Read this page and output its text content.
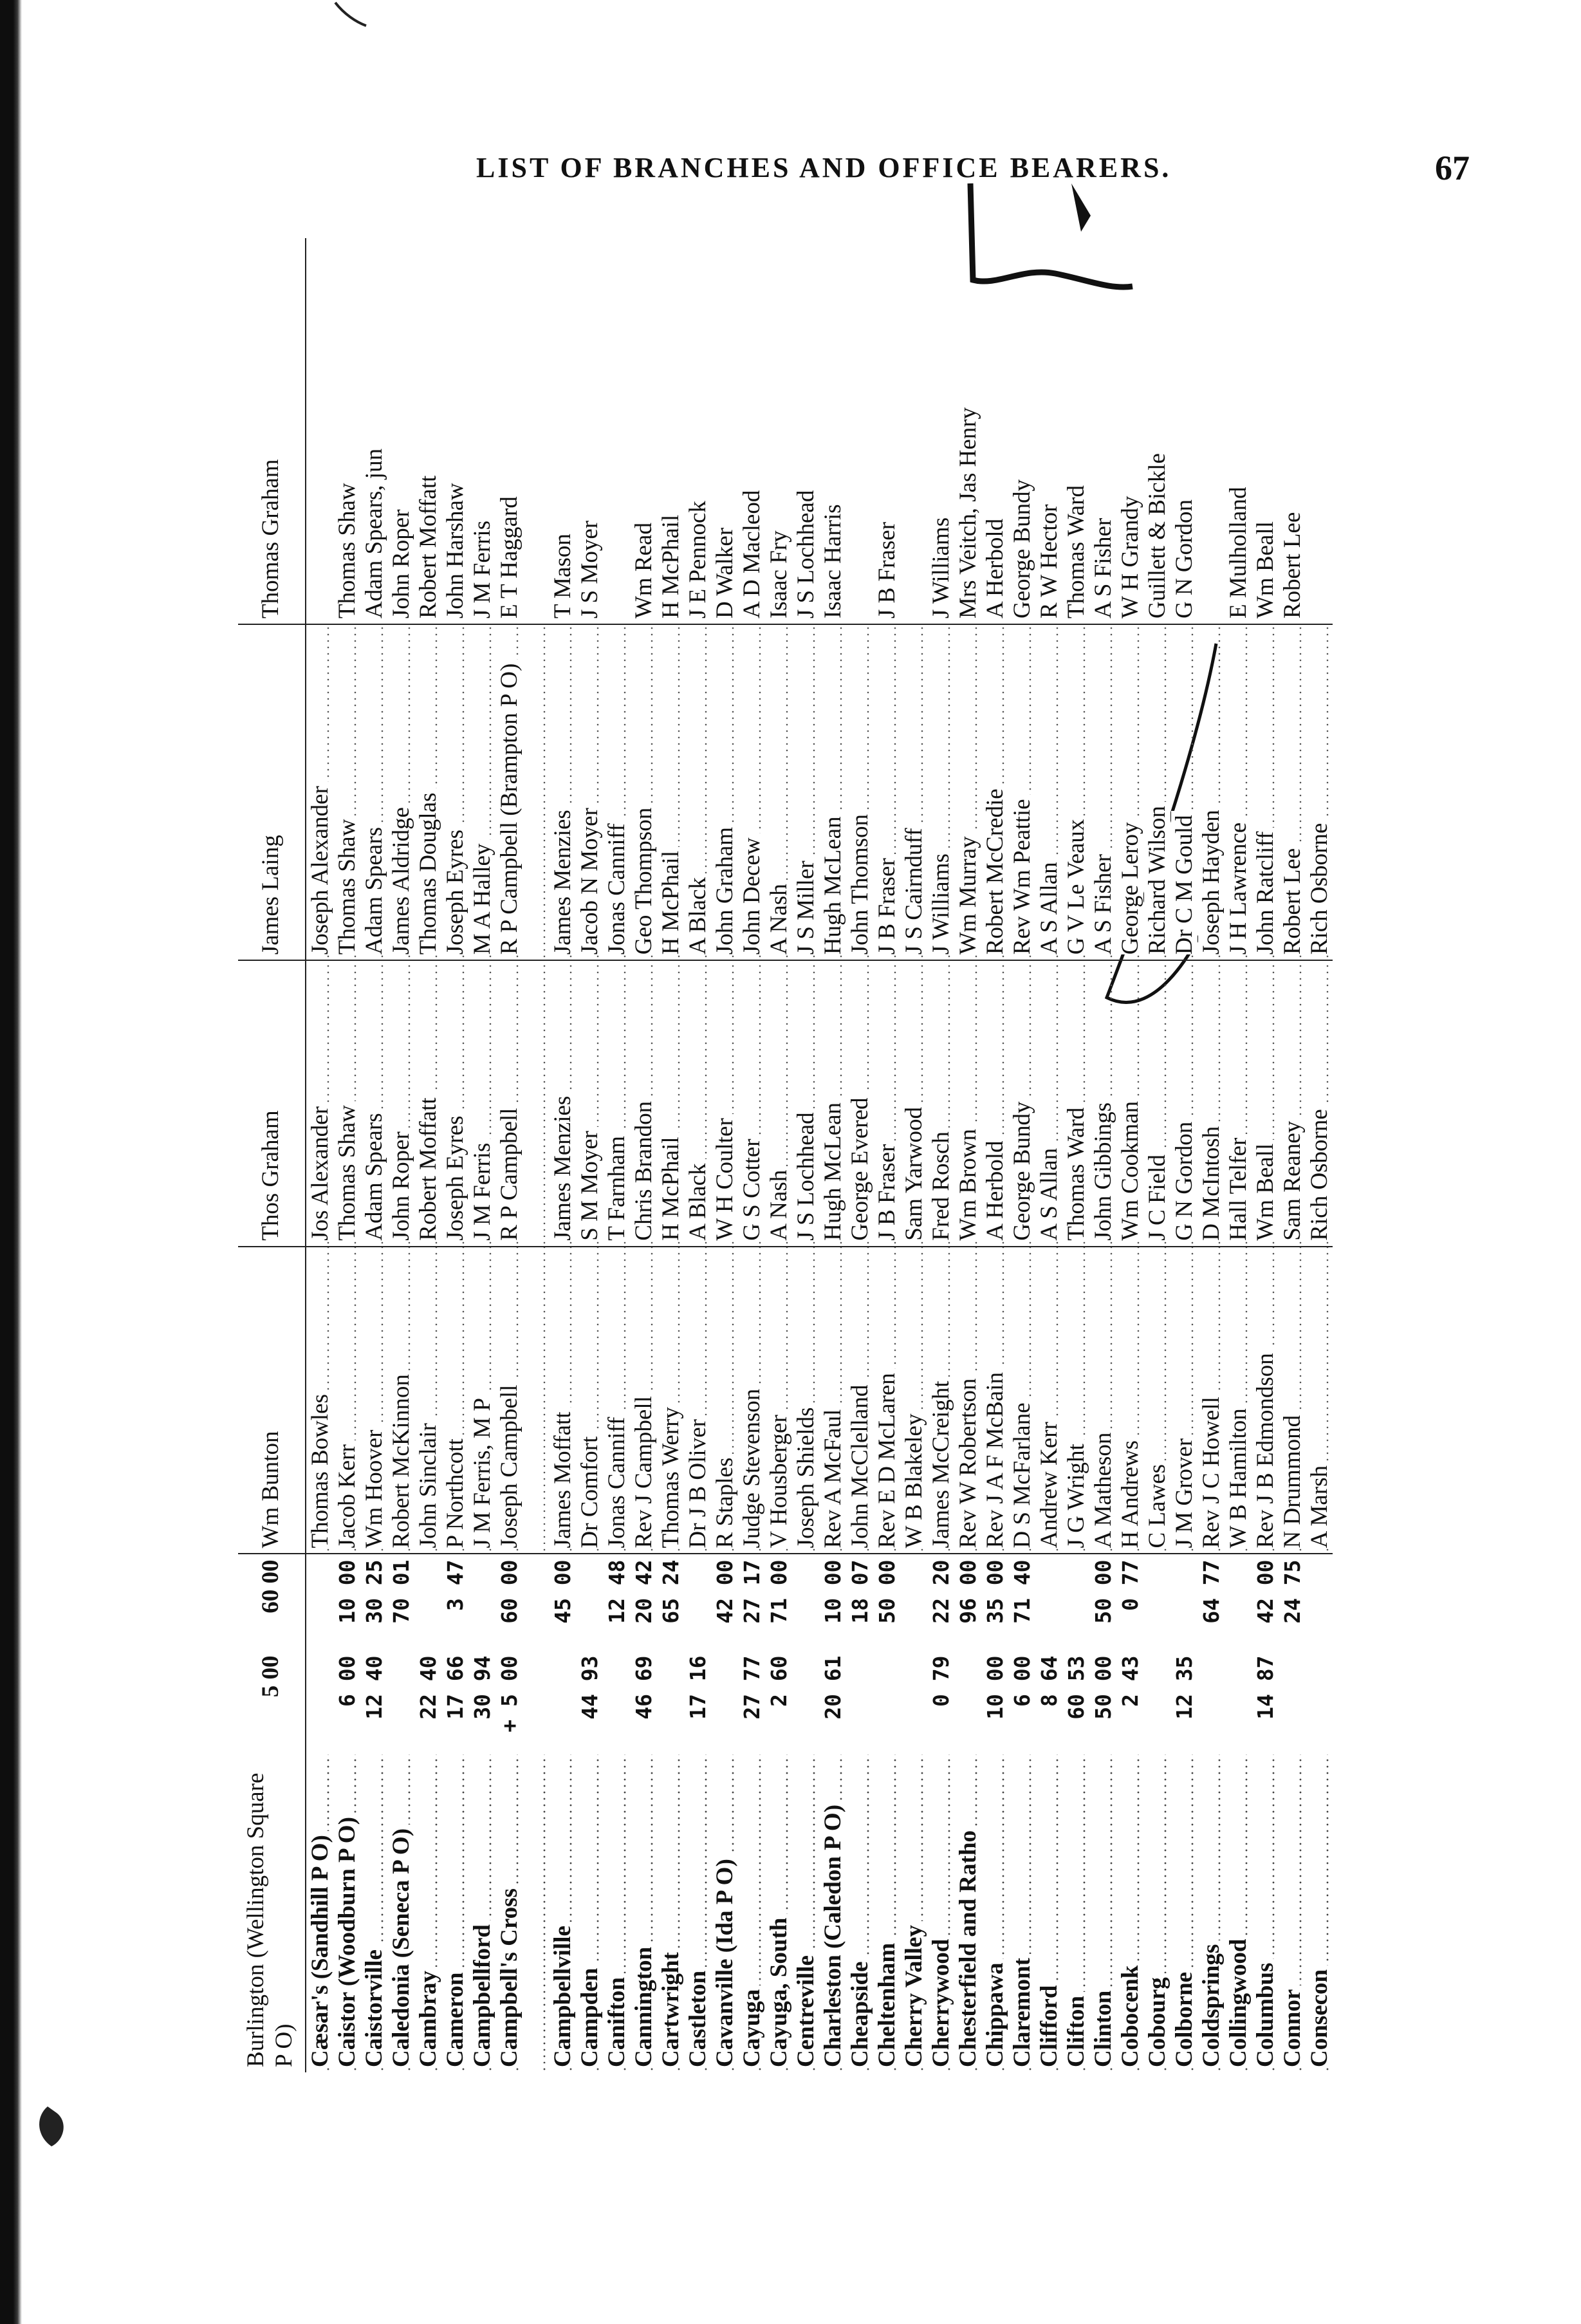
LIST OF BRANCHES AND OFFICE BEARERS.	67
Burlington (Wellington Square P O)	5 00	60 00	Wm Bunton	Thos Graham	James Laing	Thomas Graham
Cæsar's (Sandhill P O)			Thomas Bowles	Jos Alexander	Joseph Alexander	
Caistor (Woodburn P O)	6 00	10 00	Jacob Kerr	Thomas Shaw	Thomas Shaw	Thomas Shaw
Caistorville	12 40	30 25	Wm Hoover	Adam Spears	Adam Spears	Adam Spears, jun
Caledonia (Seneca P O)		70 01	Robert McKinnon	John Roper	James Aldridge	John Roper
Cambray	22 40		John Sinclair	Robert Moffatt	Thomas Douglas	Robert Moffatt
Cameron	17 66	3 47	P Northcott	Joseph Eyres	Joseph Eyres	John Harshaw
Campbellford	30 94		J M Ferris, M P	J M Ferris	M A Halley	J M Ferris
Campbell's Cross	+ 5 00	60 00	Joseph Campbell	R P Campbell	R P Campbell (Brampton P O)	E T Haggard

Campbellville		45 00	James Moffatt	James Menzies	James Menzies	T Mason
Campden	44 93		Dr Comfort	S M Moyer	Jacob N Moyer	J S Moyer
Canifton		12 48	Jonas Canniff	T Farnham	Jonas Canniff	
Cannington	46 69	20 42	Rev J Campbell	Chris Brandon	Geo Thompson	Wm Read
Cartwright		65 24	Thomas Werry	H McPhail	H McPhail	H McPhail
Castleton	17 16		Dr J B Oliver	A Black	A Black	J E Pennock
Cavanville (Ida P O)		42 00	R Staples	W H Coulter	John Graham	D Walker
Cayuga	27 77	27 17	Judge Stevenson	G S Cotter	John Decew	A D Macleod
Cayuga, South	2 60	71 00	V Housberger	A Nash	A Nash	Isaac Fry
Centreville			Joseph Shields	J S Lochhead	J S Miller	J S Lochhead
Charleston (Caledon P O)	20 61	10 00	Rev A McFaul	Hugh McLean	Hugh McLean	Isaac Harris
Cheapside		18 07	John McClelland	George Evered	John Thomson	
Cheltenham		50 00	Rev E D McLaren	J B Fraser	J B Fraser	J B Fraser
Cherry Valley			W B Blakeley	Sam Yarwood	J S Cairnduff	
Cherrywood	0 79	22 20	James McCreight	Fred Rosch	J Williams	J Williams
Chesterfield and Ratho		96 00	Rev W Robertson	Wm Brown	Wm Murray	Mrs Veitch, Jas Henry
Chippawa	10 00	35 00	Rev J A F McBain	A Herbold	Robert McCredie	A Herbold
Claremont	6 00	71 40	D S McFarlane	George Bundy	Rev Wm Peattie	George Bundy
Clifford	8 64		Andrew Kerr	A S Allan	A S Allan	R W Hector
Clifton	60 53		J G Wright	Thomas Ward	G V Le Veaux	Thomas Ward
Clinton	50 00	50 00	A Matheson	John Gibbings	A S Fisher	A S Fisher
Cobocenk	2 43	0 77	H Andrews	Wm Cookman	George Leroy	W H Grandy
Cobourg			C Lawes	J C Field	Richard Wilson	Guillett & Bickle
Colborne	12 35		J M Grover	G N Gordon	Dr C M Gould	G N Gordon
Coldsprings		64 77	Rev J C Howell	D McIntosh	Joseph Hayden	
Collingwood			W B Hamilton	Hall Telfer	J H Lawrence	E Mulholland
Columbus	14 87	42 00	Rev J B Edmondson	Wm Beall	John Ratcliff	Wm Beall
Connor		24 75	N Drummond	Sam Reaney	Robert Lee	Robert Lee
Consecon			A Marsh	Rich Osborne	Rich Osborne	
